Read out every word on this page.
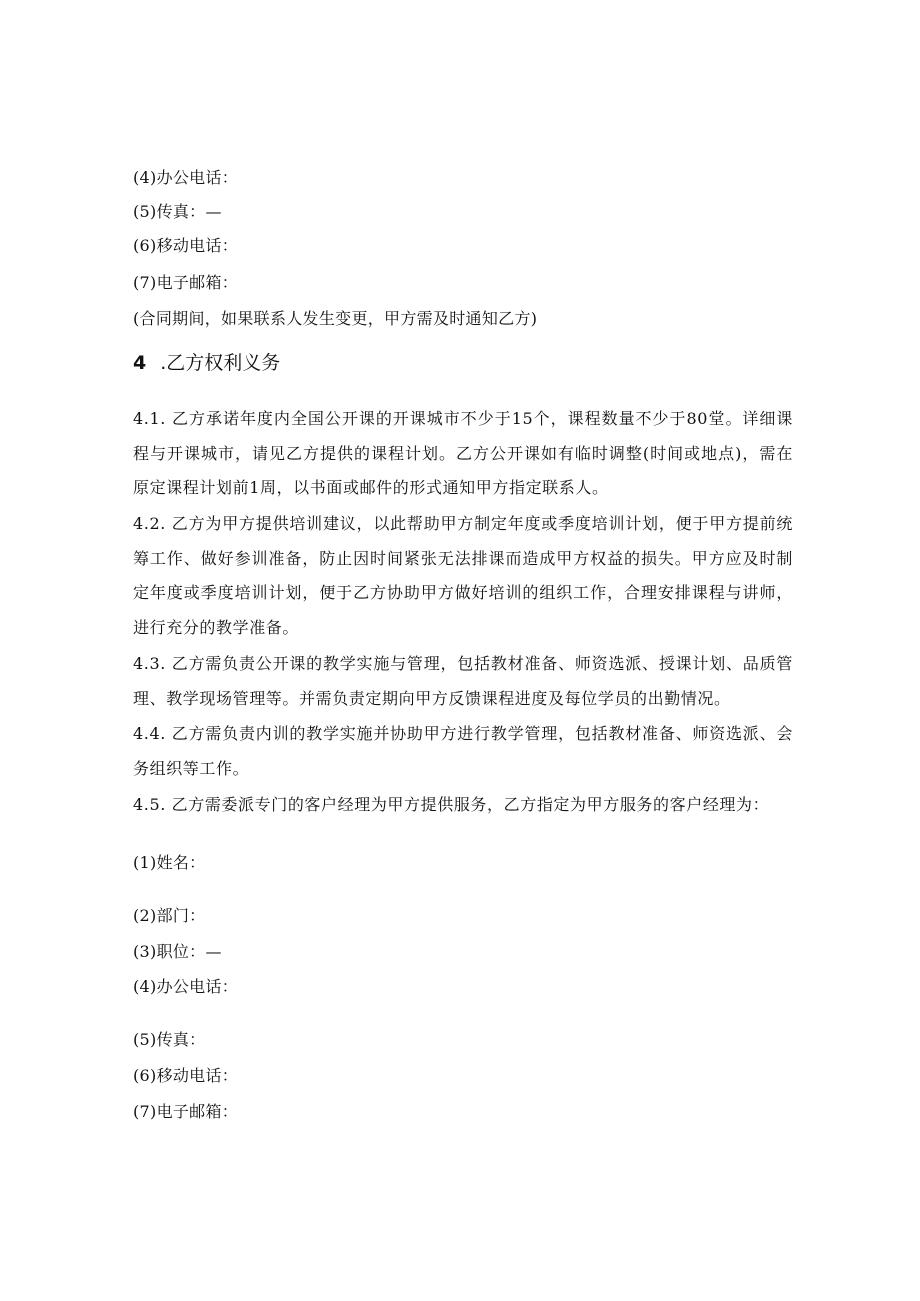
(4)办公电话：
(5)传真：—
(6)移动电话：
(7)电子邮箱：
(合同期间，如果联系人发生变更，甲方需及时通知乙方)
4 .乙方权利义务

4.1. 乙方承诺年度内全国公开课的开课城市不少于15个，课程数量不少于80堂。详细课程与开课城市，请见乙方提供的课程计划。乙方公开课如有临时调整(时间或地点)，需在原定课程计划前1周，以书面或邮件的形式通知甲方指定联系人。

4.2. 乙方为甲方提供培训建议，以此帮助甲方制定年度或季度培训计划，便于甲方提前统筹工作、做好参训准备，防止因时间紧张无法排课而造成甲方权益的损失。甲方应及时制定年度或季度培训计划，便于乙方协助甲方做好培训的组织工作，合理安排课程与讲师，进行充分的教学准备。

4.3. 乙方需负责公开课的教学实施与管理，包括教材准备、师资选派、授课计划、品质管理、教学现场管理等。并需负责定期向甲方反馈课程进度及每位学员的出勤情况。

4.4. 乙方需负责内训的教学实施并协助甲方进行教学管理，包括教材准备、师资选派、会务组织等工作。

4.5. 乙方需委派专门的客户经理为甲方提供服务，乙方指定为甲方服务的客户经理为：

(1)姓名：
(2)部门：
(3)职位：—
(4)办公电话：
(5)传真：
(6)移动电话：
(7)电子邮箱：
